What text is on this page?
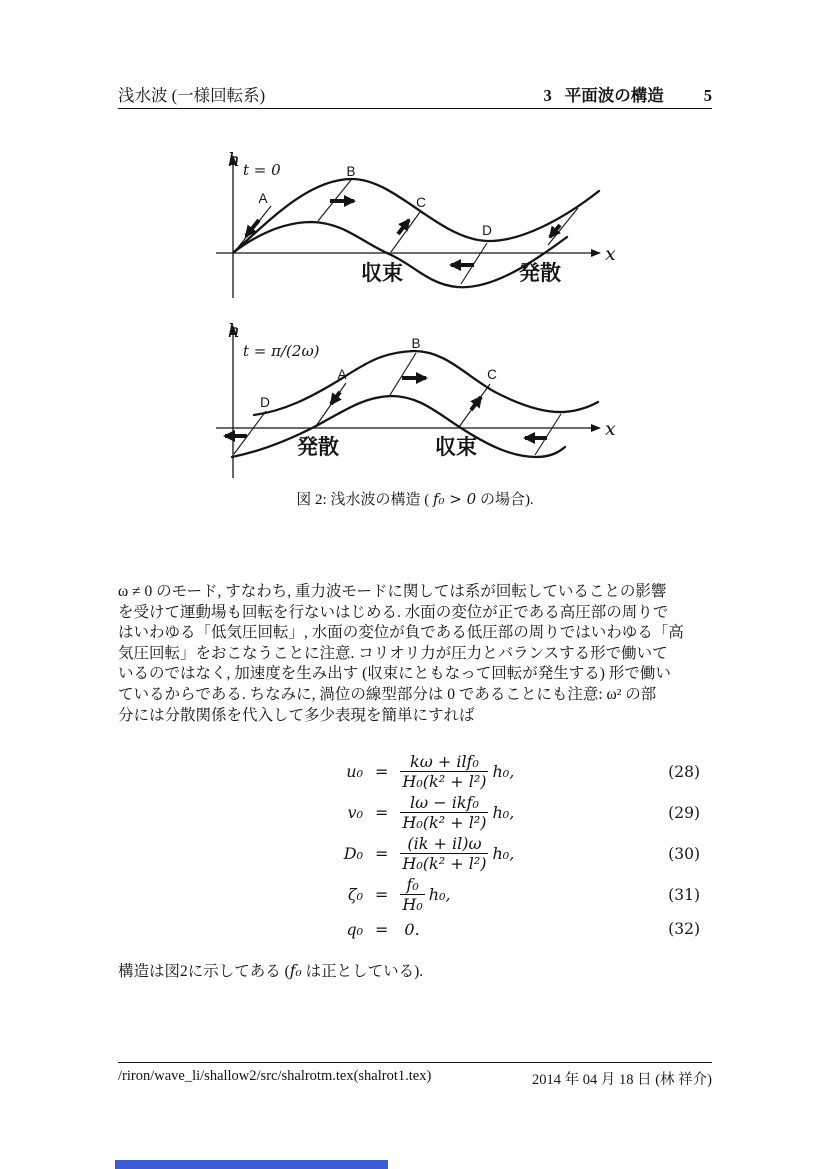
浅水波 (一様回転系)	3 平面波の構造 5
h t = 0
x
A
B
C
D
収束	発散
h
t = π/(2ω)
x
D
A
B
C
発散	収束
図 2: 浅水波の構造 ( f₀ > 0 の場合).
ω ≠ 0 のモード, すなわち, 重力波モードに関しては系が回転していることの影響
を受けて運動場も回転を行ないはじめる. 水面の変位が正である高圧部の周りで
はいわゆる「低気圧回転」, 水面の変位が負である低圧部の周りではいわゆる「高
気圧回転」をおこなうことに注意. コリオリ力が圧力とバランスする形で働いて
いるのではなく, 加速度を生み出す (収束にともなって回転が発生する) 形で働い
ているからである. ちなみに, 渦位の線型部分は 0 であることにも注意: ω² の部
分には分散関係を代入して多少表現を簡単にすれば
$u_0 = \frac{\text{kω + ilf₀}}{\text{H₀(k² + l²)}} h_0$,	(28)
$v_0 = \frac{\text{lω − ikf₀}}{\text{H₀(k² + l²)}} h_0$,	(29)
$D_0 = \frac{(ik + il)\omega}{\text{H₀(k² + l²)}} h_0$,	(30)
$\zeta_0 = \frac{\text{f₀}}{\text{H₀}} h_0$,	(31)
q₀ = 0.	(32)
構造は図2に示してある (f₀ は正としている).
/riron/wave_li/shallow2/src/shalrotm.tex(shalrot1.tex)	2014 年 04 月 18 日 (林 祥介)
